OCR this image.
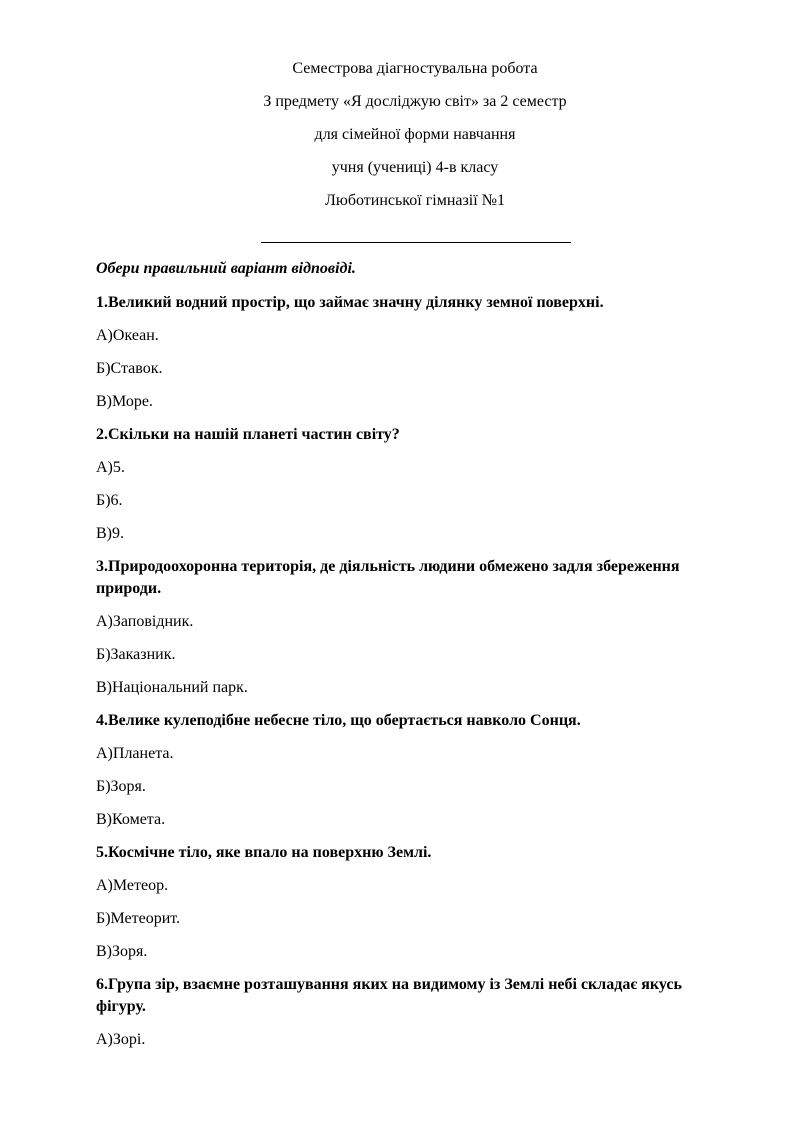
Семестрова діагностувальна робота
З предмету «Я досліджую світ» за 2 семестр
для сімейної форми навчання
учня (учениці) 4-в класу
Люботинської гімназії №1
Обери правильний варіант відповіді.
1.Великий водний простір, що займає значну ділянку земної поверхні.
А)Океан.
Б)Ставок.
В)Море.
2.Скільки на нашій планеті частин світу?
А)5.
Б)6.
В)9.
3.Природоохоронна територія, де діяльність людини обмежено задля збереження природи.
А)Заповідник.
Б)Заказник.
В)Національний парк.
4.Велике кулеподібне небесне тіло, що обертається навколо Сонця.
А)Планета.
Б)Зоря.
В)Комета.
5.Космічне тіло, яке впало на поверхню Землі.
А)Метеор.
Б)Метеорит.
В)Зоря.
6.Група зір, взаємне розташування яких на видимому із Землі небі складає якусь фігуру.
А)Зорі.
